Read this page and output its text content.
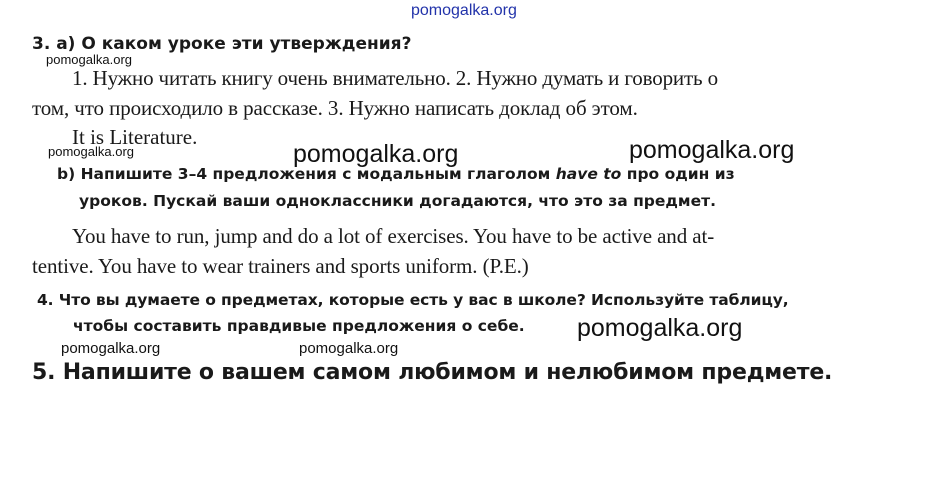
pomogalka.org
3. а) О каком уроке эти утверждения?
pomogalka.org
1. Нужно читать книгу очень внимательно. 2. Нужно думать и говорить о
том, что происходило в рассказе. 3. Нужно написать доклад об этом.
It is Literature.
pomogalka.org	pomogalka.org	pomogalka.org
b) Напишите 3–4 предложения с модальным глаголом have to про один из
уроков. Пускай ваши одноклассники догадаются, что это за предмет.
You have to run, jump and do a lot of exercises. You have to be active and at-
tentive. You have to wear trainers and sports uniform. (P.E.)
4. Что вы думаете о предметах, которые есть у вас в школе? Используйте таблицу,
чтобы составить правдивые предложения о себе. pomogalka.org
pomogalka.org	pomogalka.org
5. Напишите о вашем самом любимом и нелюбимом предмете.
